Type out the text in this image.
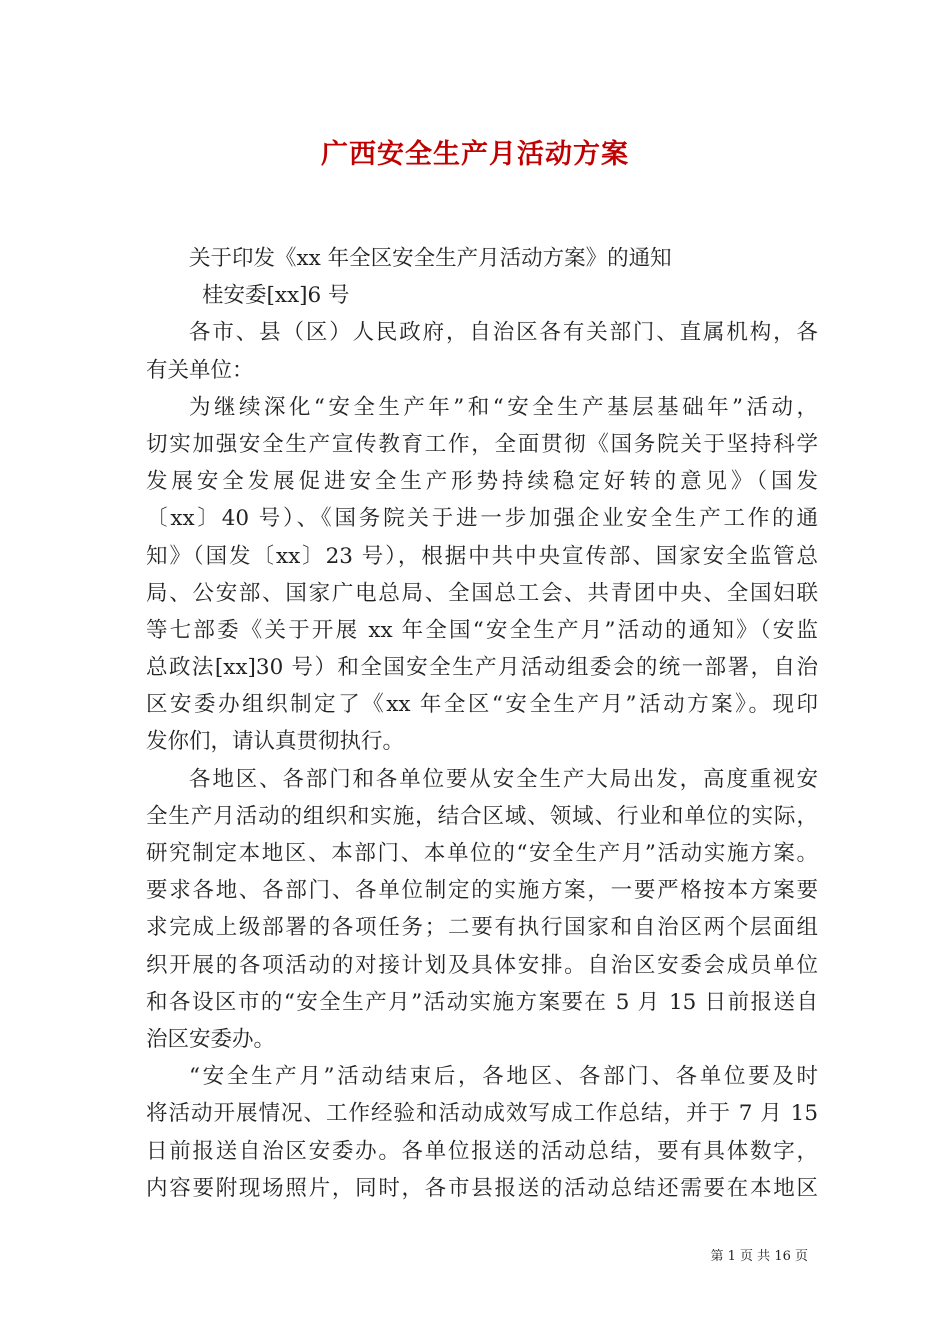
广西安全生产月活动方案
关于印发《xx 年全区安全生产月活动方案》的通知
桂安委[xx]6 号
各市、县（区）人民政府，自治区各有关部门、直属机构，各
有关单位：
为继续深化“安全生产年”和“安全生产基层基础年”活动，
切实加强安全生产宣传教育工作，全面贯彻《国务院关于坚持科学
发展安全发展促进安全生产形势持续稳定好转的意见》（国发
〔xx〕40 号）、《国务院关于进一步加强企业安全生产工作的通
知》（国发〔xx〕23 号），根据中共中央宣传部、国家安全监管总
局、公安部、国家广电总局、全国总工会、共青团中央、全国妇联
等七部委《关于开展 xx 年全国“安全生产月”活动的通知》（安监
总政法[xx]30 号）和全国安全生产月活动组委会的统一部署，自治
区安委办组织制定了《xx 年全区“安全生产月”活动方案》。现印
发你们，请认真贯彻执行。
各地区、各部门和各单位要从安全生产大局出发，高度重视安
全生产月活动的组织和实施，结合区域、领域、行业和单位的实际，
研究制定本地区、本部门、本单位的“安全生产月”活动实施方案。
要求各地、各部门、各单位制定的实施方案，一要严格按本方案要
求完成上级部署的各项任务；二要有执行国家和自治区两个层面组
织开展的各项活动的对接计划及具体安排。自治区安委会成员单位
和各设区市的“安全生产月”活动实施方案要在 5 月 15 日前报送自
治区安委办。
“安全生产月”活动结束后，各地区、各部门、各单位要及时
将活动开展情况、工作经验和活动成效写成工作总结，并于 7 月 15
日前报送自治区安委办。各单位报送的活动总结，要有具体数字，
内容要附现场照片，同时，各市县报送的活动总结还需要在本地区
第 1 页 共 16 页
